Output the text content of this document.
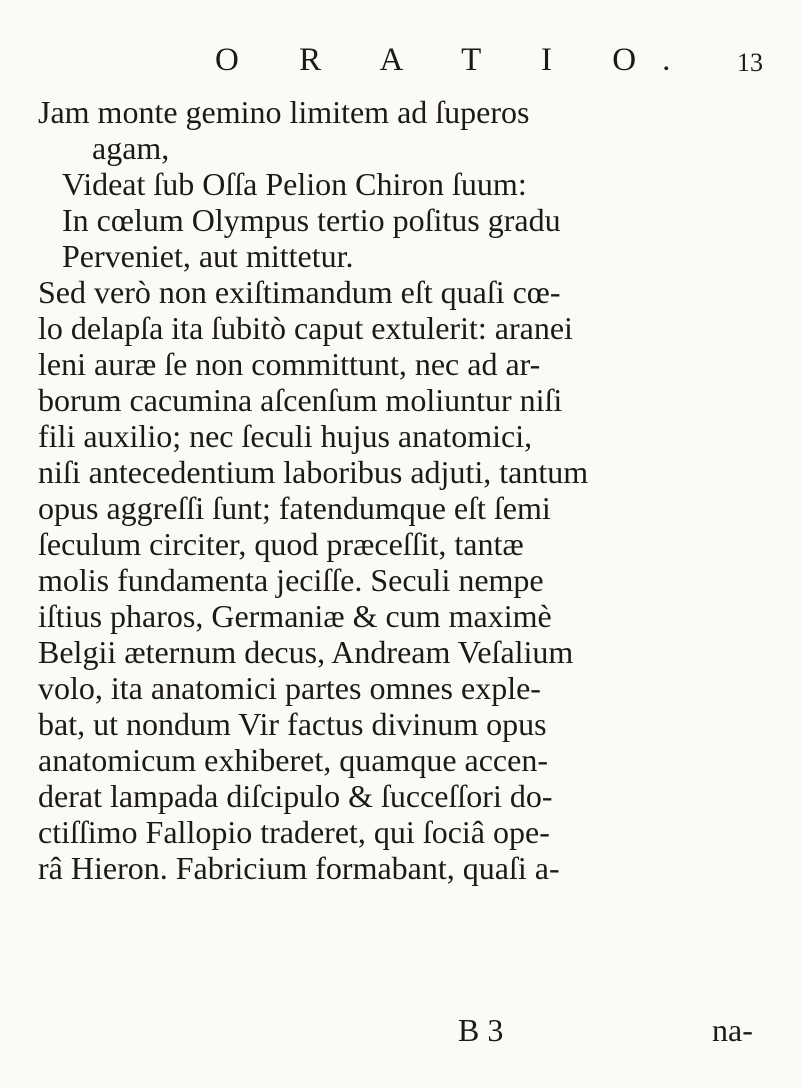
O R A T I O. 13
Jam monte gemino limitem ad ſuperos
agam,
Videat ſub Oſſa Pelion Chiron ſuum:
In cœlum Olympus tertio poſitus gradu
Perveniet, aut mittetur.
Sed verò non exiſtimandum eſt quaſi cœ-
lo delapſa ita ſubitò caput extulerit: aranei
leni auræ ſe non committunt, nec ad ar-
borum cacumina aſcenſum moliuntur niſi
fili auxilio; nec ſeculi hujus anatomici,
niſi antecedentium laboribus adjuti, tantum
opus aggreſſi ſunt; fatendumque eſt ſemi
ſeculum circiter, quod præceſſit, tantæ
molis fundamenta jeciſſe. Seculi nempe
iſtius pharos, Germaniæ & cum maximè
Belgii æternum decus, Andream Veſalium
volo, ita anatomici partes omnes exple-
bat, ut nondum Vir factus divinum opus
anatomicum exhiberet, quamque accen-
derat lampada diſcipulo & ſucceſſori do-
ctiſſimo Fallopio traderet, qui ſociâ ope-
râ Hieron. Fabricium formabant, quaſi a-
B 3	na-
